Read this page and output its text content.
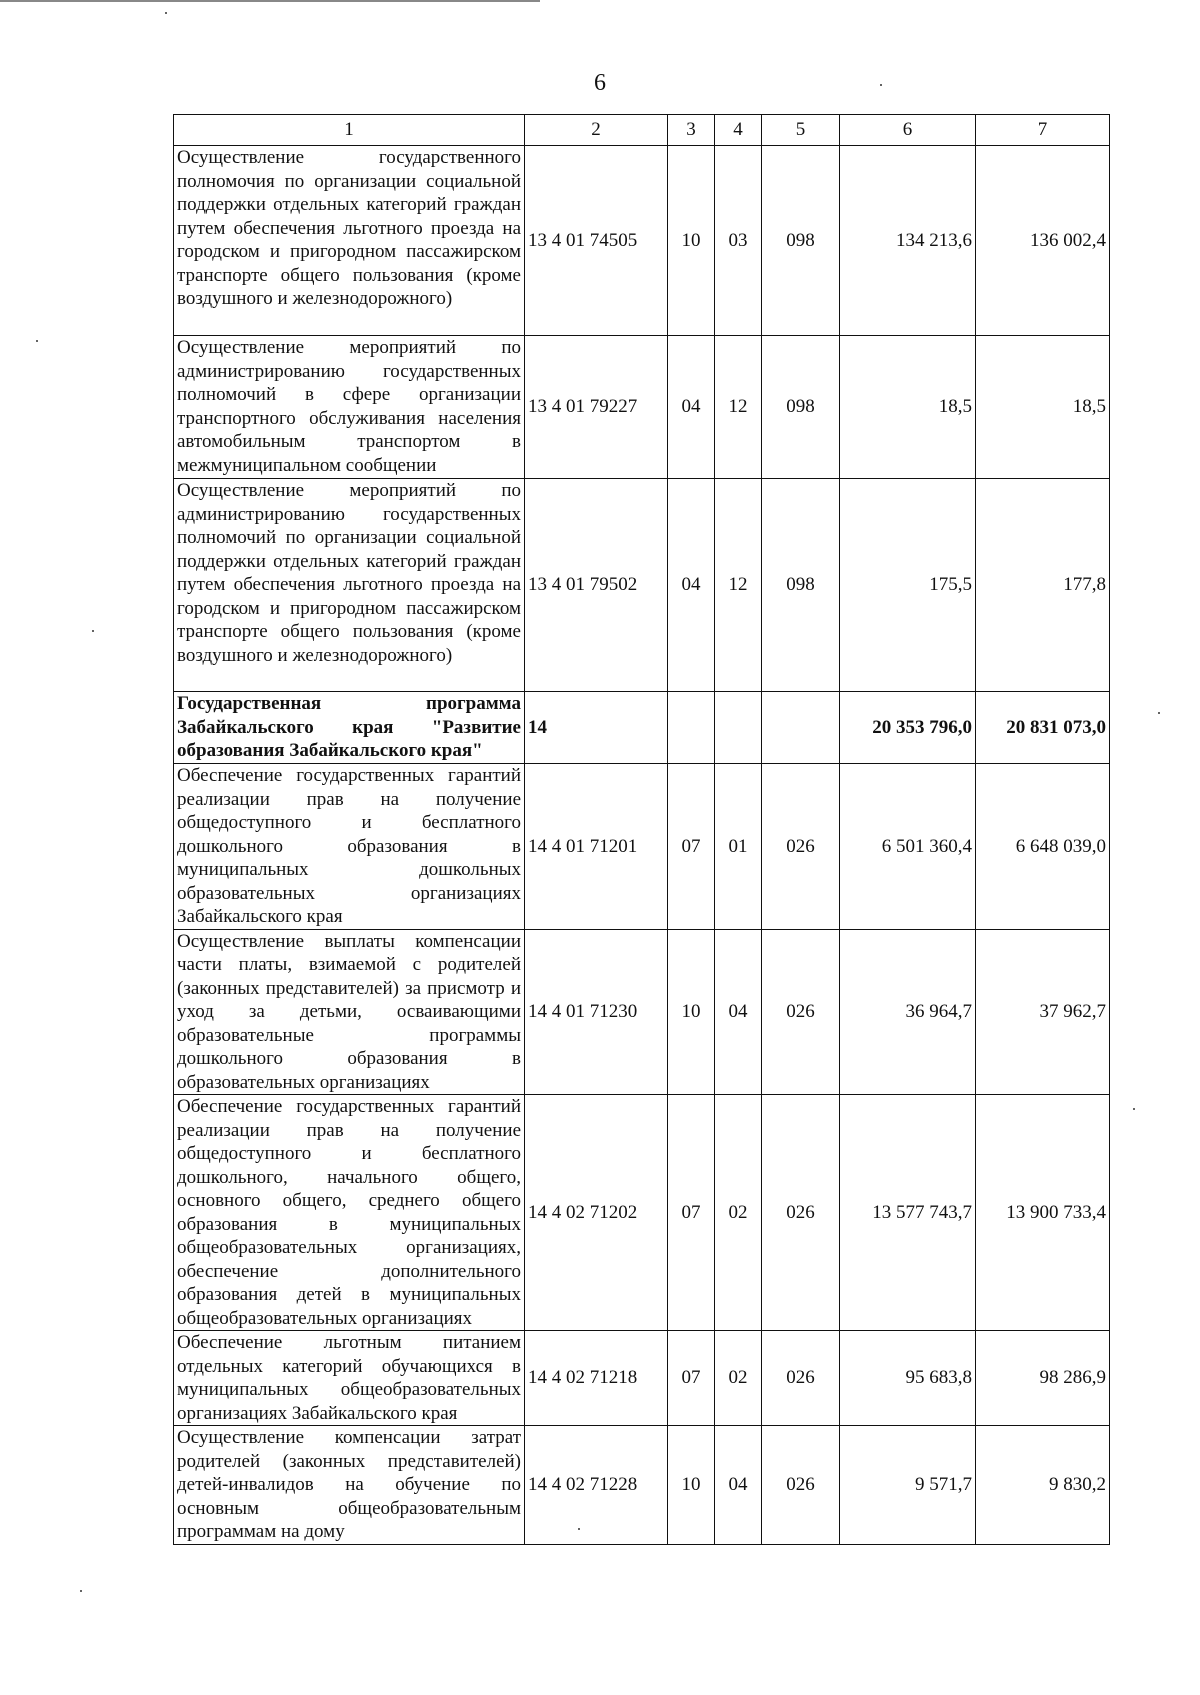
6
1	2	3	4	5	6	7
Осуществление государственного полномочия по организации социальной поддержки отдельных категорий граждан путем обеспечения льготного проезда на городском и пригородном пассажирском транспорте общего пользования (кроме воздушного и железнодорожного)	13 4 01 74505	10	03	098	134 213,6	136 002,4
Осуществление мероприятий по администрированию государственных полномочий в сфере организации транспортного обслуживания населения автомобильным транспортом в межмуниципальном сообщении	13 4 01 79227	04	12	098	18,5	18,5
Осуществление мероприятий по администрированию государственных полномочий по организации социальной поддержки отдельных категорий граждан путем обеспечения льготного проезда на городском и пригородном пассажирском транспорте общего пользования (кроме воздушного и железнодорожного)	13 4 01 79502	04	12	098	175,5	177,8
Государственная программа Забайкальского края "Развитие образования Забайкальского края"	14				20 353 796,0	20 831 073,0
Обеспечение государственных гарантий реализации прав на получение общедоступного и бесплатного дошкольного образования в муниципальных дошкольных образовательных организациях Забайкальского края	14 4 01 71201	07	01	026	6 501 360,4	6 648 039,0
Осуществление выплаты компенсации части платы, взимаемой с родителей (законных представителей) за присмотр и уход за детьми, осваивающими образовательные программы дошкольного образования в образовательных организациях	14 4 01 71230	10	04	026	36 964,7	37 962,7
Обеспечение государственных гарантий реализации прав на получение общедоступного и бесплатного дошкольного, начального общего, основного общего, среднего общего образования в муниципальных общеобразовательных организациях, обеспечение дополнительного образования детей в муниципальных общеобразовательных организациях	14 4 02 71202	07	02	026	13 577 743,7	13 900 733,4
Обеспечение льготным питанием отдельных категорий обучающихся в муниципальных общеобразовательных организациях Забайкальского края	14 4 02 71218	07	02	026	95 683,8	98 286,9
Осуществление компенсации затрат родителей (законных представителей) детей-инвалидов на обучение по основным общеобразовательным программам на дому	14 4 02 71228	10	04	026	9 571,7	9 830,2
